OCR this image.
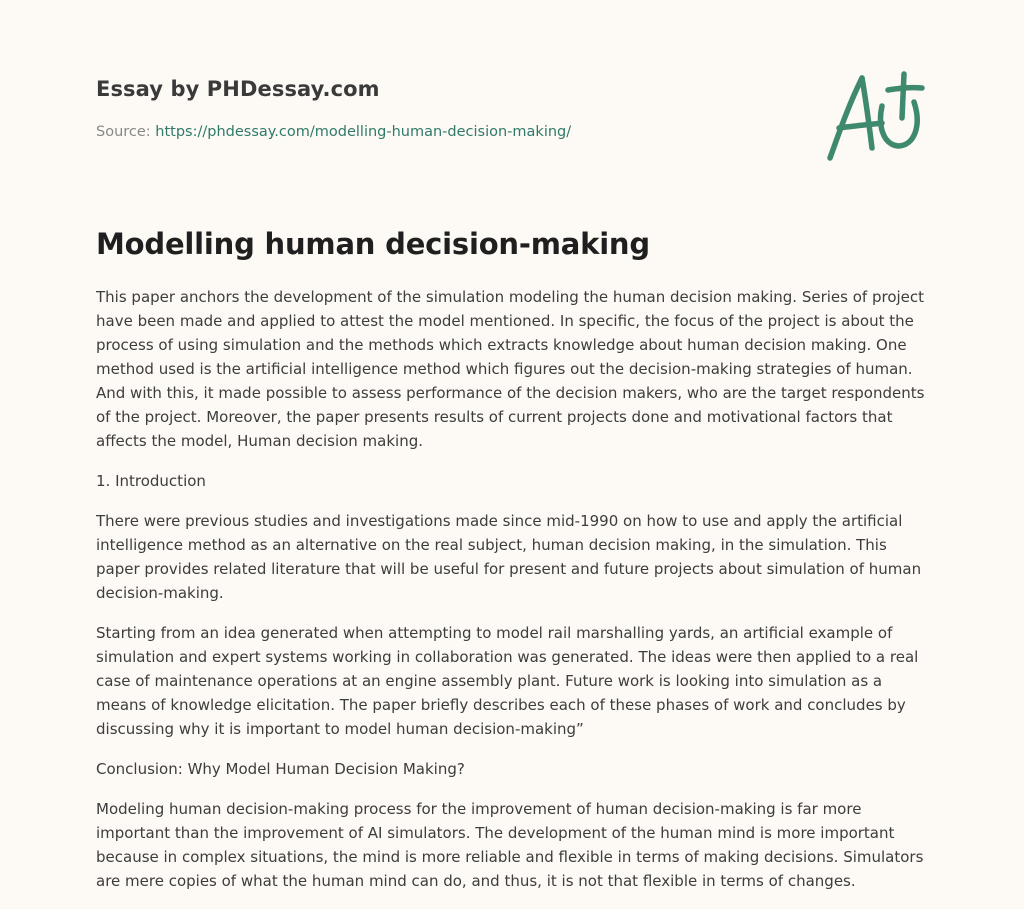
Essay by PHDessay.com
Source: https://phdessay.com/modelling-human-decision-making/
Modelling human decision-making

This paper anchors the development of the simulation modeling the human decision making. Series of project have been made and applied to attest the model mentioned. In specific, the focus of the project is about the process of using simulation and the methods which extracts knowledge about human decision making. One method used is the artificial intelligence method which figures out the decision-making strategies of human. And with this, it made possible to assess performance of the decision makers, who are the target respondents of the project. Moreover, the paper presents results of current projects done and motivational factors that affects the model, Human decision making.

1. Introduction

There were previous studies and investigations made since mid-1990 on how to use and apply the artificial intelligence method as an alternative on the real subject, human decision making, in the simulation. This paper provides related literature that will be useful for present and future projects about simulation of human decision-making.

Starting from an idea generated when attempting to model rail marshalling yards, an artificial example of simulation and expert systems working in collaboration was generated. The ideas were then applied to a real case of maintenance operations at an engine assembly plant. Future work is looking into simulation as a means of knowledge elicitation. The paper briefly describes each of these phases of work and concludes by discussing why it is important to model human decision-making”

Conclusion: Why Model Human Decision Making?

Modeling human decision-making process for the improvement of human decision-making is far more important than the improvement of AI simulators. The development of the human mind is more important because in complex situations, the mind is more reliable and flexible in terms of making decisions. Simulators are mere copies of what the human mind can do, and thus, it is not that flexible in terms of changes.
